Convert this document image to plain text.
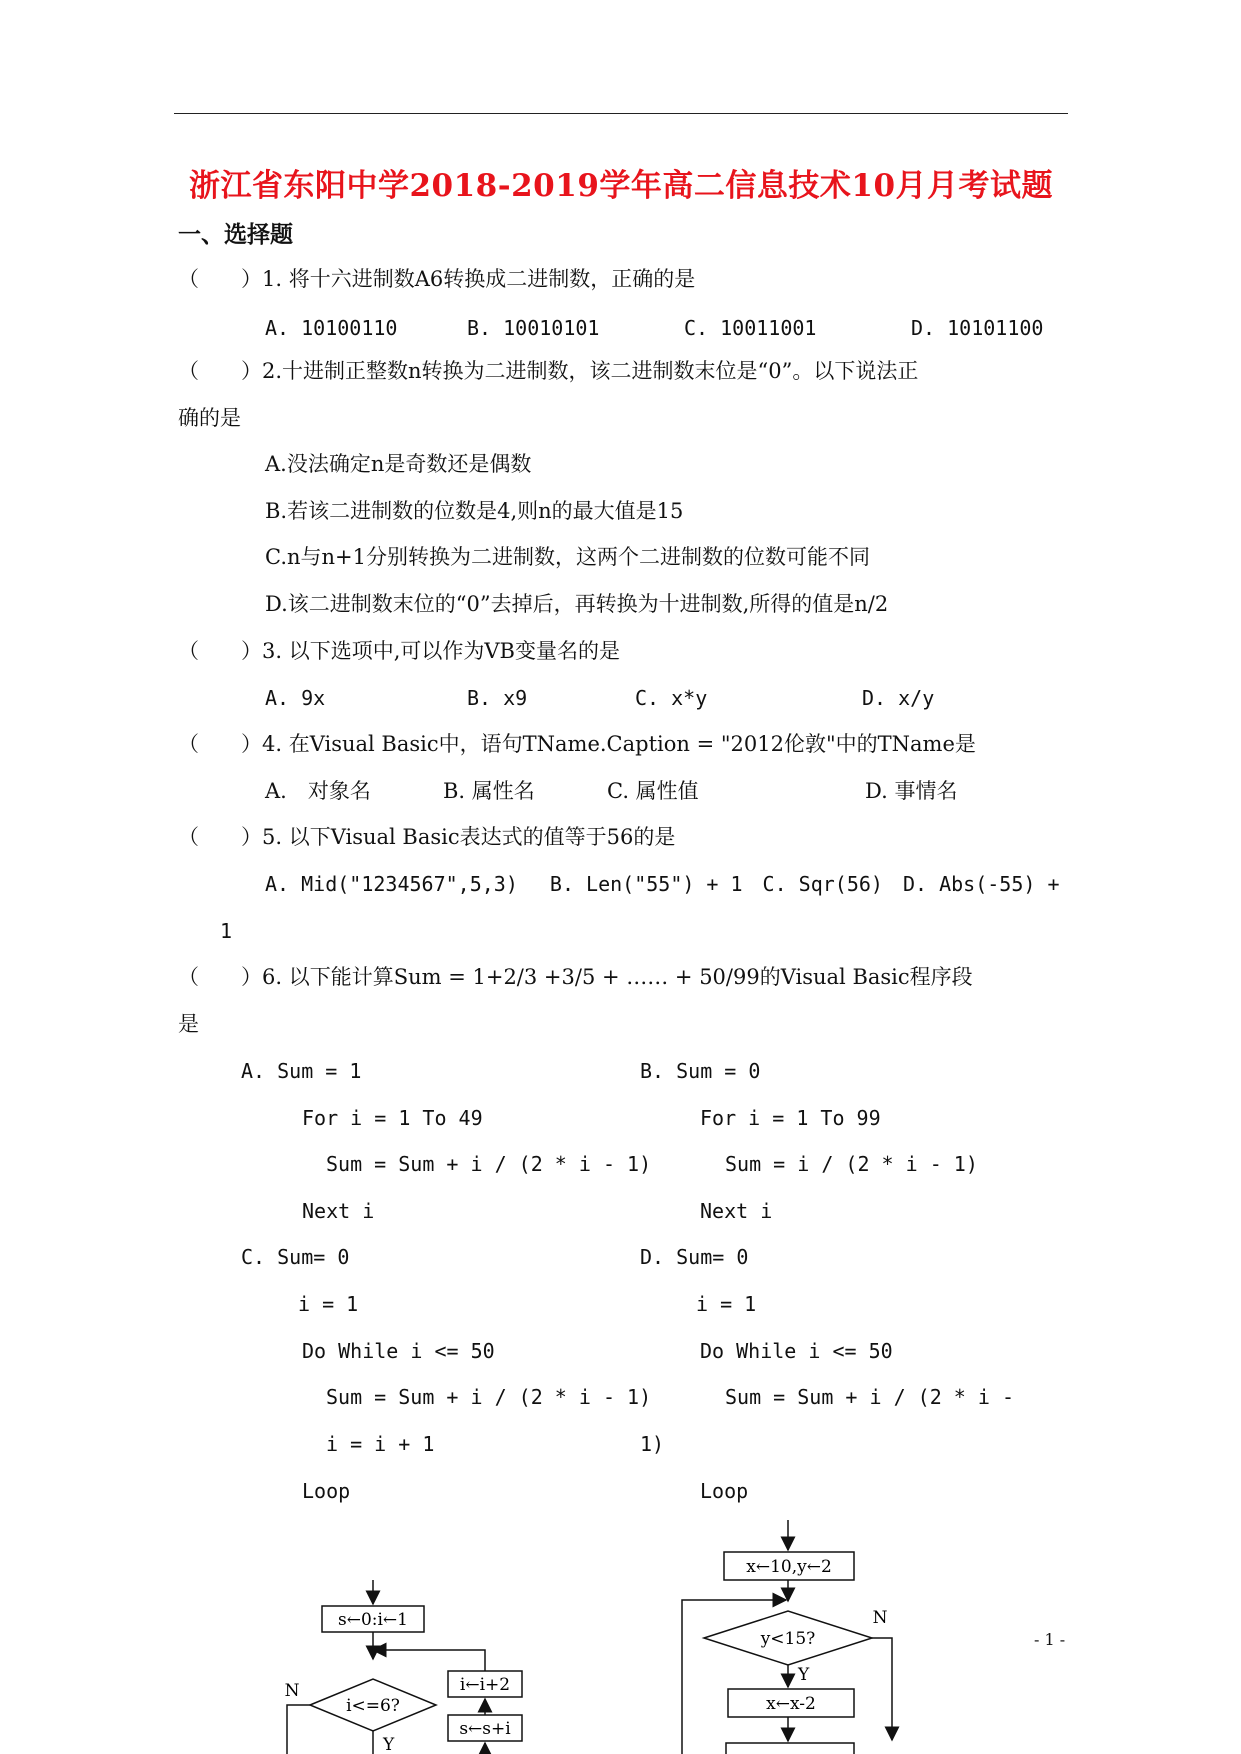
浙江省东阳中学2018-2019学年高二信息技术10月月考试题
一、选择题
（　　）1. 将十六进制数A6转换成二进制数，正确的是
A. 10100110	B. 10010101	C. 10011001	D. 10101100
（　　）2.十进制正整数n转换为二进制数，该二进制数末位是“0”。以下说法正
确的是
A.没法确定n是奇数还是偶数
B.若该二进制数的位数是4,则n的最大值是15
C.n与n+1分别转换为二进制数，这两个二进制数的位数可能不同
D.该二进制数末位的“0”去掉后，再转换为十进制数,所得的值是n/2
（　　）3. 以下选项中,可以作为VB变量名的是
A. 9x	B. x9	C. x*y	D. x/y
（　　）4. 在Visual Basic中，语句TName.Caption = "2012伦敦"中的TName是
A.　对象名	B. 属性名	C. 属性值	D. 事情名
（　　）5. 以下Visual Basic表达式的值等于56的是
A. Mid("1234567",5,3)　 B. Len("55") + 1　C. Sqr(56)　D. Abs(-55) +
1
（　　）6. 以下能计算Sum = 1+2/3 +3/5 + …… + 50/99的Visual Basic程序段
是
A. Sum = 1
For i = 1 To 49
Sum = Sum + i / (2 * i - 1)
Next i
B. Sum = 0
For i = 1 To 99
Sum = i / (2 * i - 1)
Next i
C. Sum= 0
i = 1
Do While i <= 50
Sum = Sum + i / (2 * i - 1)
i = i + 1
Loop
D. Sum= 0
i = 1
Do While i <= 50
Sum = Sum + i / (2 * i -
1)
Loop
s←0:i←1
i←i+2
s←s+i
i<=6?
N
Y
x←10,y←2
y<15?
N
Y
x←x-2
- 1 -
